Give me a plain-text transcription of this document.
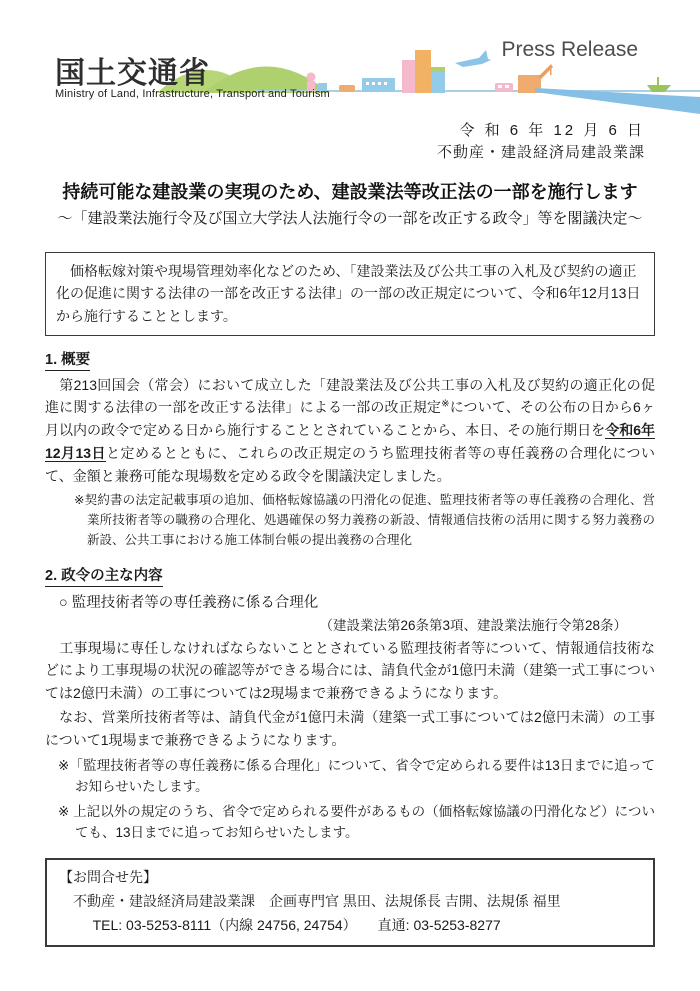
国土交通省
Ministry of Land, Infrastructure, Transport and Tourism
Press Release
令 和 6 年 12 月 6 日
不動産・建設経済局建設業課
持続可能な建設業の実現のため、建設業法等改正法の一部を施行します
～「建設業法施行令及び国立大学法人法施行令の一部を改正する政令」等を閣議決定～
　価格転嫁対策や現場管理効率化などのため、「建設業法及び公共工事の入札及び契約の適正化の促進に関する法律の一部を改正する法律」の一部の改正規定について、令和6年12月13日から施行することとします。
1. 概要
　第213回国会（常会）において成立した「建設業法及び公共工事の入札及び契約の適正化の促進に関する法律の一部を改正する法律」による一部の改正規定※について、その公布の日から6ヶ月以内の政令で定める日から施行することとされていることから、本日、その施行期日を令和6年12月13日と定めるとともに、これらの改正規定のうち監理技術者等の専任義務の合理化について、金額と兼務可能な現場数を定める政令を閣議決定しました。
※契約書の法定記載事項の追加、価格転嫁協議の円滑化の促進、監理技術者等の専任義務の合理化、営業所技術者等の職務の合理化、処遇確保の努力義務の新設、情報通信技術の活用に関する努力義務の新設、公共工事における施工体制台帳の提出義務の合理化
2. 政令の主な内容
○ 監理技術者等の専任義務に係る合理化
（建設業法第26条第3項、建設業法施行令第28条）
　工事現場に専任しなければならないこととされている監理技術者等について、情報通信技術などにより工事現場の状況の確認等ができる場合には、請負代金が1億円未満（建築一式工事については2億円未満）の工事については2現場まで兼務できるようになります。
　なお、営業所技術者等は、請負代金が1億円未満（建築一式工事については2億円未満）の工事について1現場まで兼務できるようになります。
※「監理技術者等の専任義務に係る合理化」について、省令で定められる要件は13日までに追ってお知らせいたします。
※ 上記以外の規定のうち、省令で定められる要件があるもの（価格転嫁協議の円滑化など）についても、13日までに追ってお知らせいたします。
【お問合せ先】
不動産・建設経済局建設業課　企画専門官 黒田、法規係長 吉開、法規係 福里
TEL: 03-5253-8111（内線 24756, 24754）　　直通: 03-5253-8277
